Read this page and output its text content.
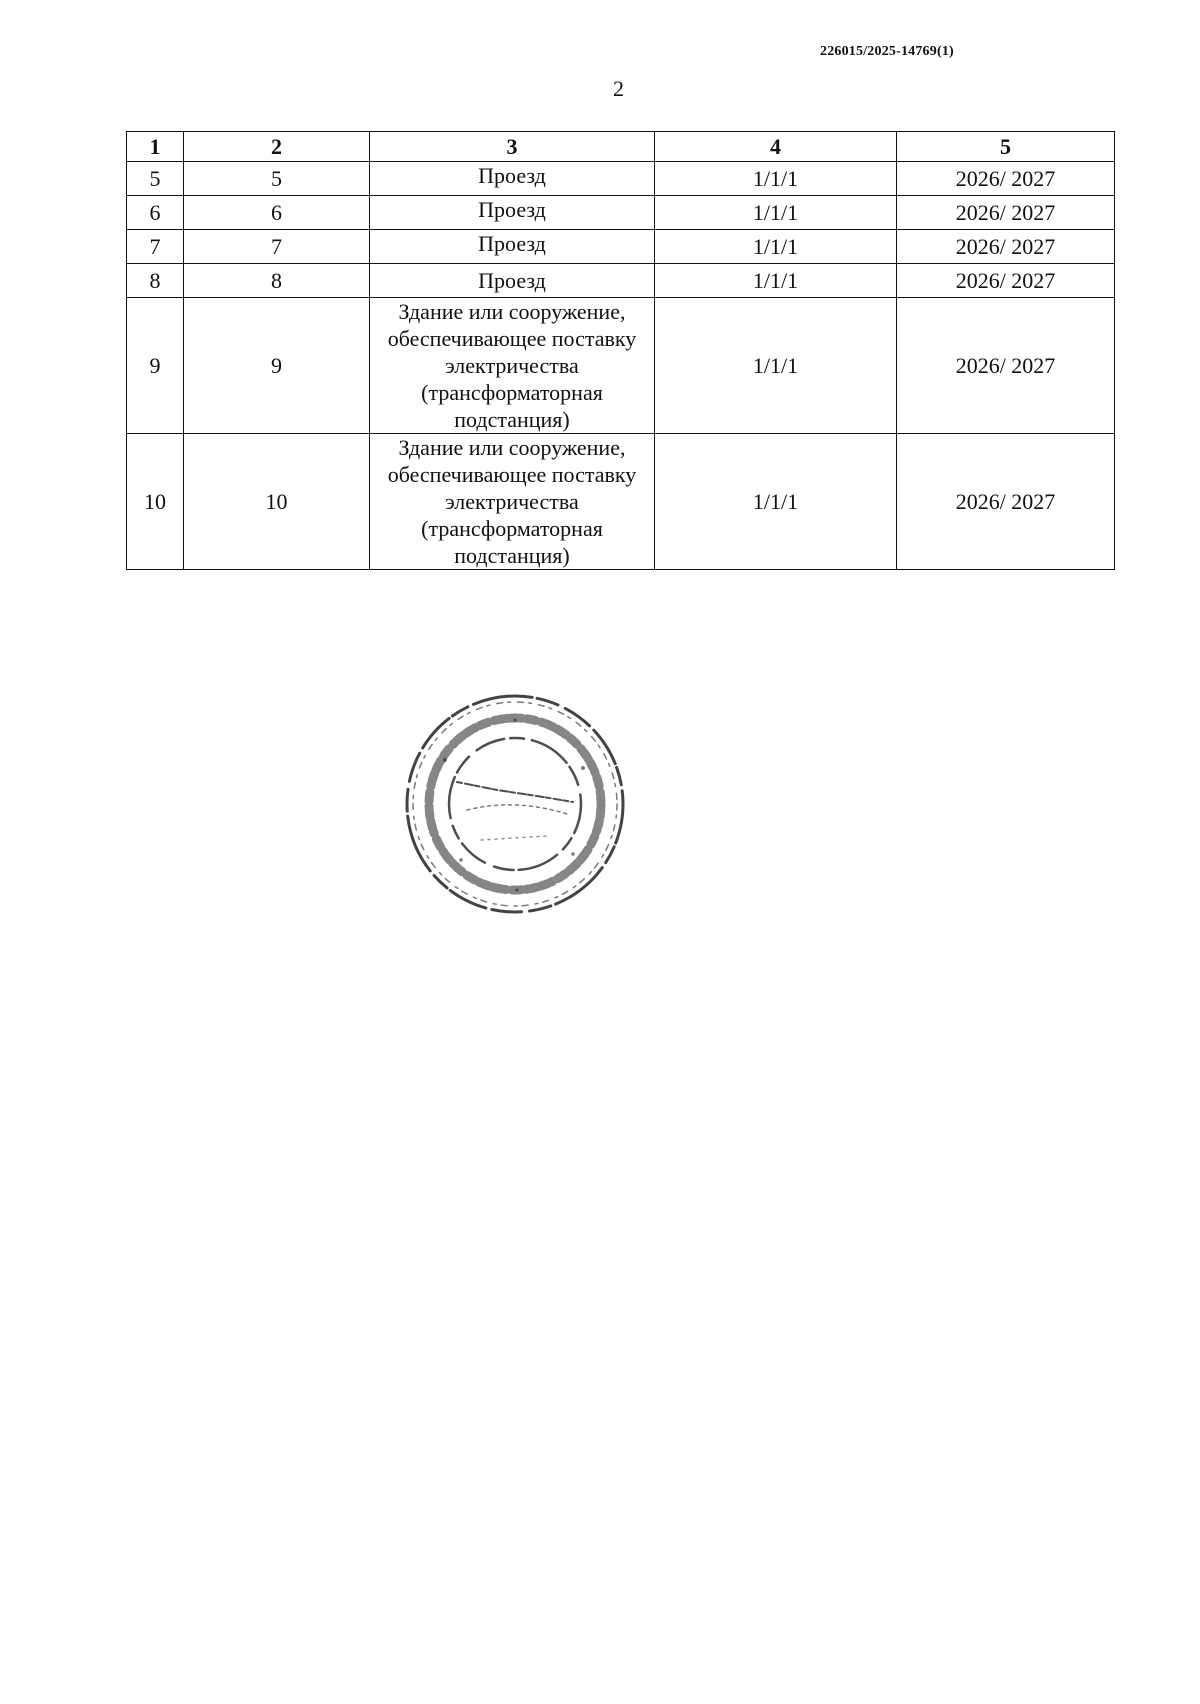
226015/2025-14769(1)
2
1	2	3	4	5
5	5	Проезд	1/1/1	2026/ 2027
6	6	Проезд	1/1/1	2026/ 2027
7	7	Проезд	1/1/1	2026/ 2027
8	8	Проезд	1/1/1	2026/ 2027
9	9	Здание или сооружение, обеспечивающее поставку электричества (трансформаторная подстанция)	1/1/1	2026/ 2027
10	10	Здание или сооружение, обеспечивающее поставку электричества (трансформаторная подстанция)	1/1/1	2026/ 2027
